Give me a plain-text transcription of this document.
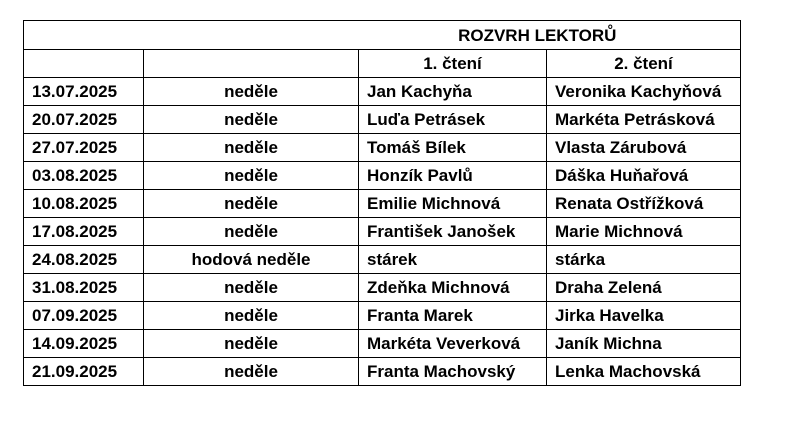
		ROZVRH LEKTORŮ	
		1. čtení	2. čtení
13.07.2025	neděle	Jan Kachyňa	Veronika Kachyňová
20.07.2025	neděle	Luďa Petrásek	Markéta Petrásková
27.07.2025	neděle	Tomáš Bílek	Vlasta Zárubová
03.08.2025	neděle	Honzík Pavlů	Dáška Huňařová
10.08.2025	neděle	Emilie Michnová	Renata Ostřížková
17.08.2025	neděle	František Janošek	Marie Michnová
24.08.2025	hodová neděle	stárek	stárka
31.08.2025	neděle	Zdeňka Michnová	Draha Zelená
07.09.2025	neděle	Franta Marek	Jirka Havelka
14.09.2025	neděle	Markéta Veverková	Janík Michna
21.09.2025	neděle	Franta Machovský	Lenka Machovská
